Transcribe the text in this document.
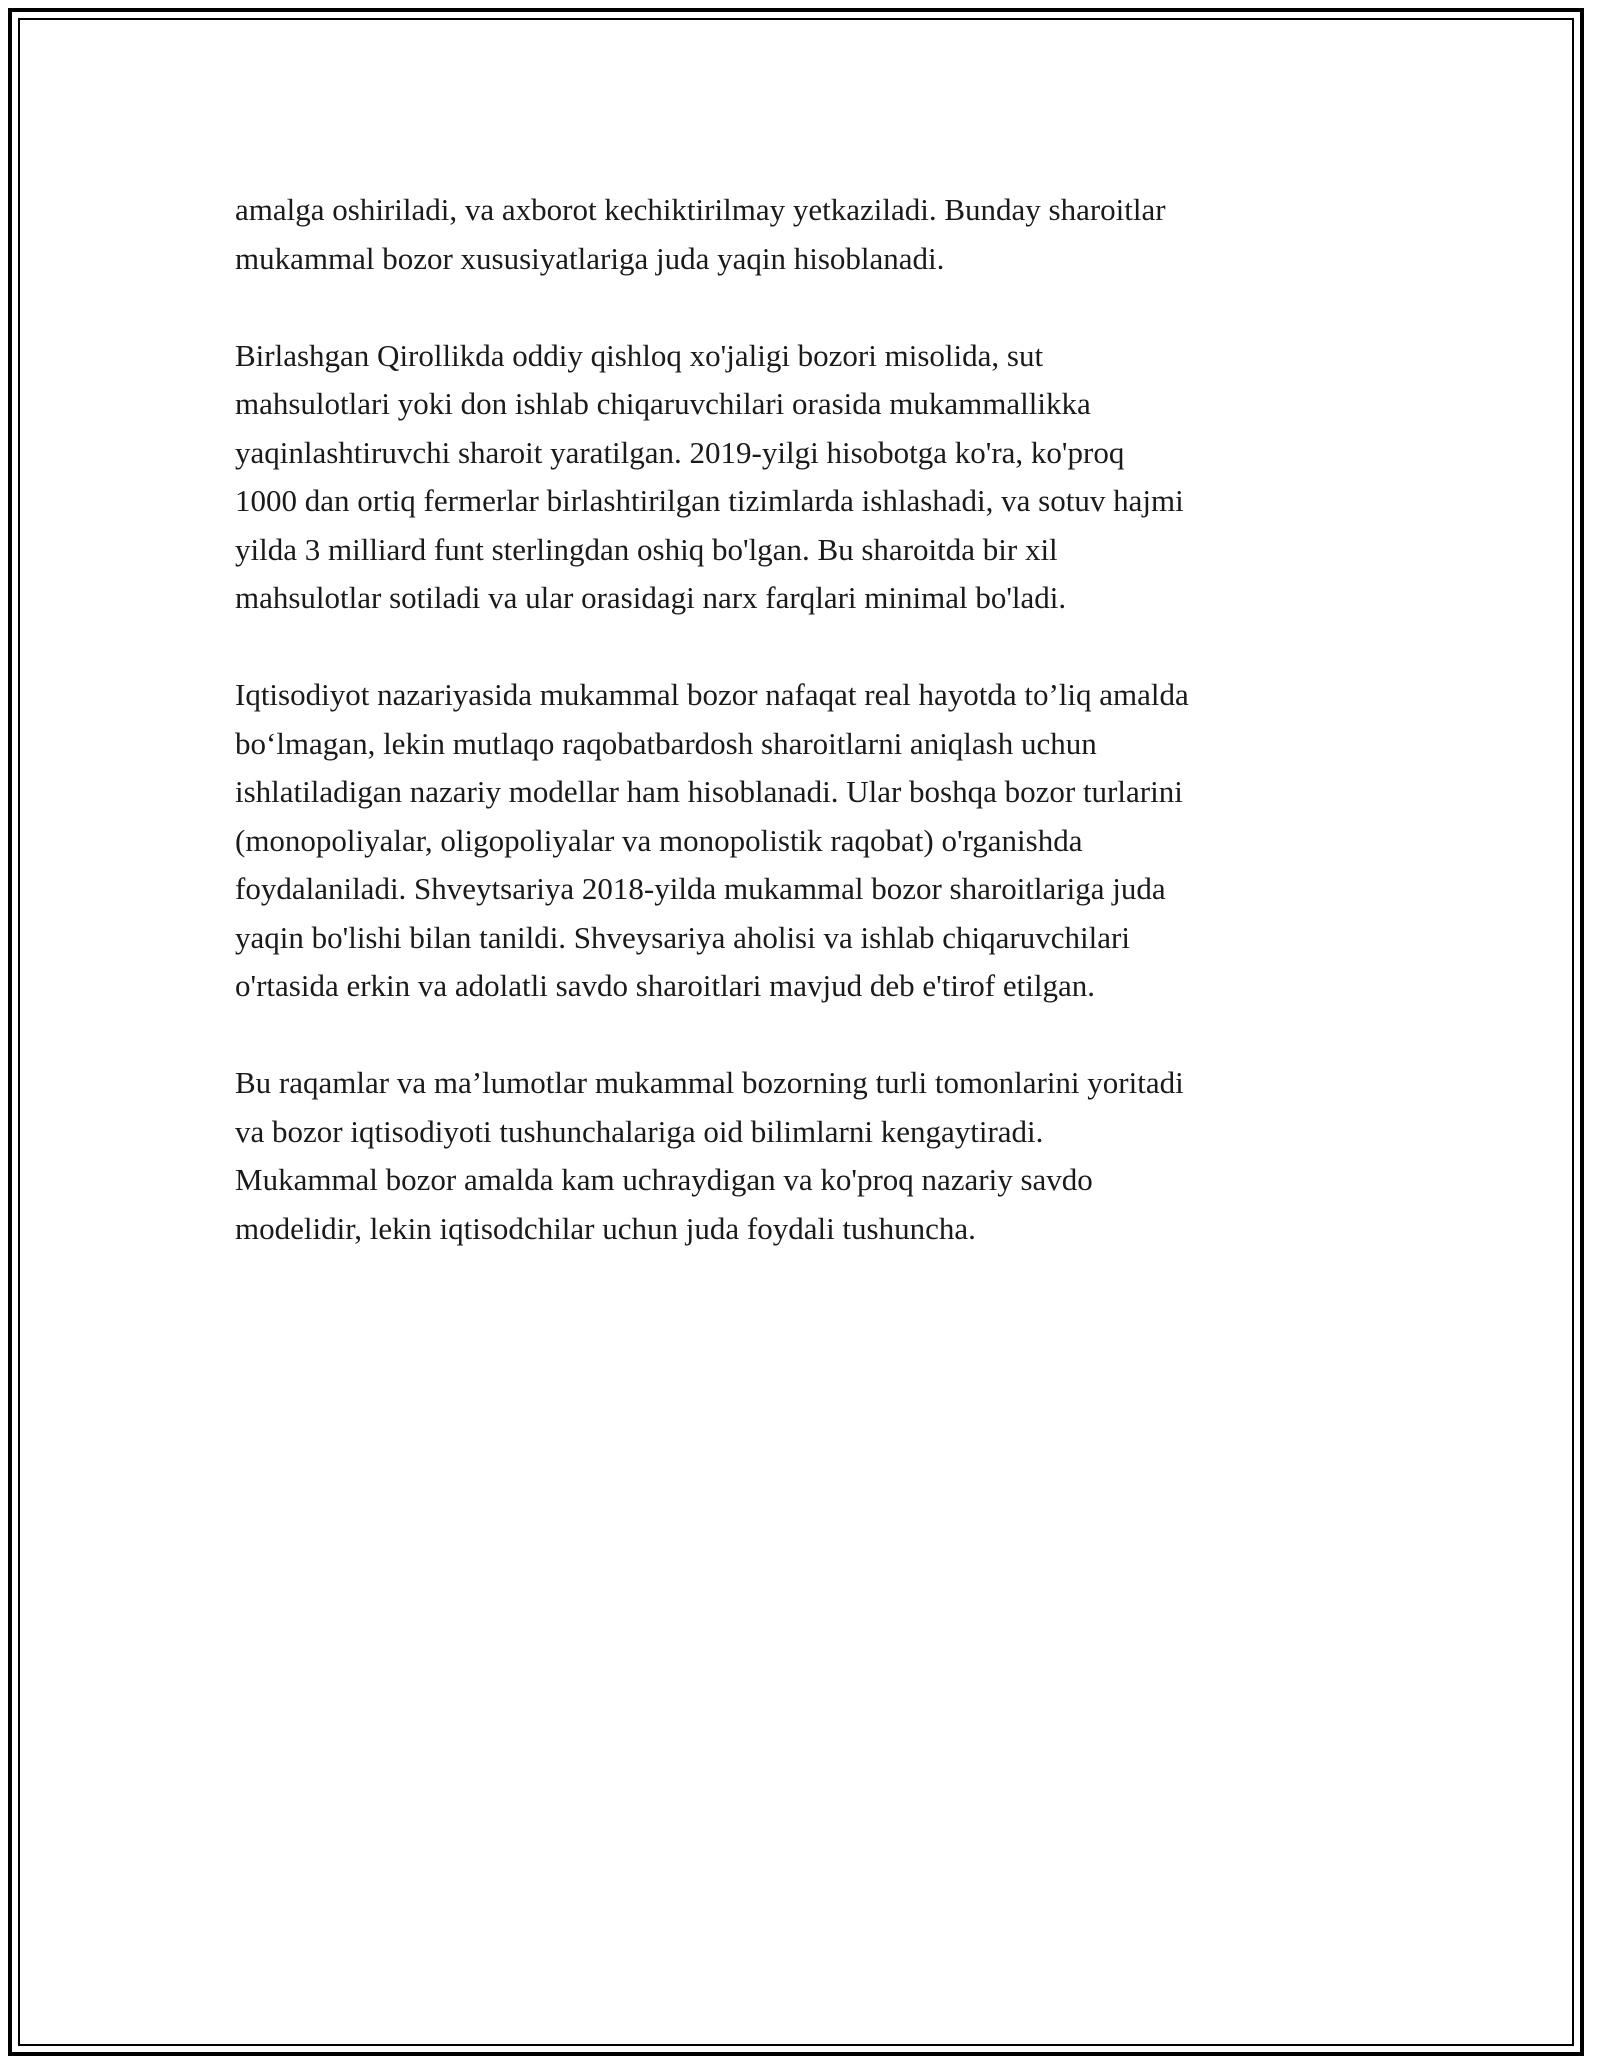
amalga oshiriladi, va axborot kechiktirilmay yetkaziladi. Bunday sharoitlar
mukammal bozor xususiyatlariga juda yaqin hisoblanadi.

Birlashgan Qirollikda oddiy qishloq xo'jaligi bozori misolida, sut
mahsulotlari yoki don ishlab chiqaruvchilari orasida mukammallikka
yaqinlashtiruvchi sharoit yaratilgan. 2019-yilgi hisobotga ko'ra, ko'proq
1000 dan ortiq fermerlar birlashtirilgan tizimlarda ishlashadi, va sotuv hajmi
yilda 3 milliard funt sterlingdan oshiq bo'lgan. Bu sharoitda bir xil
mahsulotlar sotiladi va ular orasidagi narx farqlari minimal bo'ladi.

Iqtisodiyot nazariyasida mukammal bozor nafaqat real hayotda to’liq amalda
bo‘lmagan, lekin mutlaqo raqobatbardosh sharoitlarni aniqlash uchun
ishlatiladigan nazariy modellar ham hisoblanadi. Ular boshqa bozor turlarini
(monopoliyalar, oligopoliyalar va monopolistik raqobat) o'rganishda
foydalaniladi. Shveytsariya 2018-yilda mukammal bozor sharoitlariga juda
yaqin bo'lishi bilan tanildi. Shveysariya aholisi va ishlab chiqaruvchilari
o'rtasida erkin va adolatli savdo sharoitlari mavjud deb e'tirof etilgan.

Bu raqamlar va ma’lumotlar mukammal bozorning turli tomonlarini yoritadi
va bozor iqtisodiyoti tushunchalariga oid bilimlarni kengaytiradi.
Mukammal bozor amalda kam uchraydigan va ko'proq nazariy savdo
modelidir, lekin iqtisodchilar uchun juda foydali tushuncha.
